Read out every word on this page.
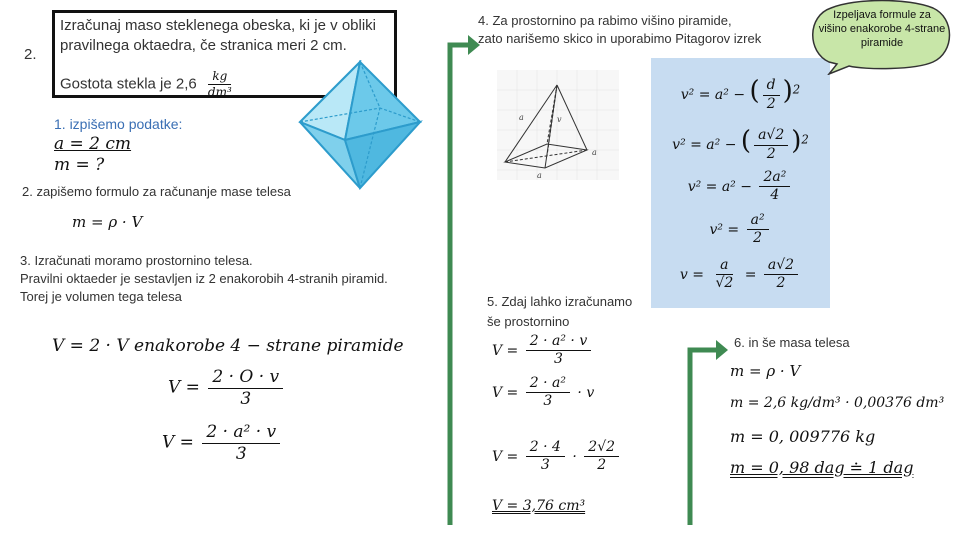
2.
Izračunaj maso steklenega obeska, ki je v obliki pravilnega oktaedra, če stranica meri 2 cm.
Gostota stekla je $2,6 \frac{kg}{\text{dm³}}$
1. izpišemo podatke:
a = 2 cm
m = ?
2. zapišemo formulo za računanje mase telesa
m = ρ · V
3. Izračunati moramo prostornino telesa.
Pravilni oktaeder je sestavljen iz 2 enakorobih 4-stranih piramid.
Torej je volumen tega telesa
V = 2 · V enakorobe 4 − strane piramide
$V = \frac{2 \cdot O \cdot v}{3}$
$V = \frac{\text{2 · a² · v}}{3}$
4. Za prostornino pa rabimo višino piramide,
zato narišemo skico in uporabimo Pitagorov izrek
a	v
a
a
v² = a² − ( $\frac{d}{2} )^2$
v² = a² − ( $\frac{a√2}{2} )^2$
$v^2 = a^2 - \frac{\text{2a²}}{4}$
$v^2 = \frac{\text{a²}}{2}$
$v = \frac{a}{√2} = \frac{a√2}{2}$
Izpeljava formule za višino enakorobe 4-strane piramide
5. Zdaj lahko izračunamo
še prostornino
$V = \frac{\text{2 · a² · v}}{3}$
$V = \frac{\text{2 · a²}}{3} \cdot v$
$V = \frac{2 \cdot 4}{3} \cdot \frac{2√2}{2}$
V = 3,76 cm³
6. in še masa telesa
m = ρ · V
m = 2,6 kg/dm³ · 0,00376 dm³
m = 0, 009776 kg
m = 0, 98 dag ≐ 1 dag
